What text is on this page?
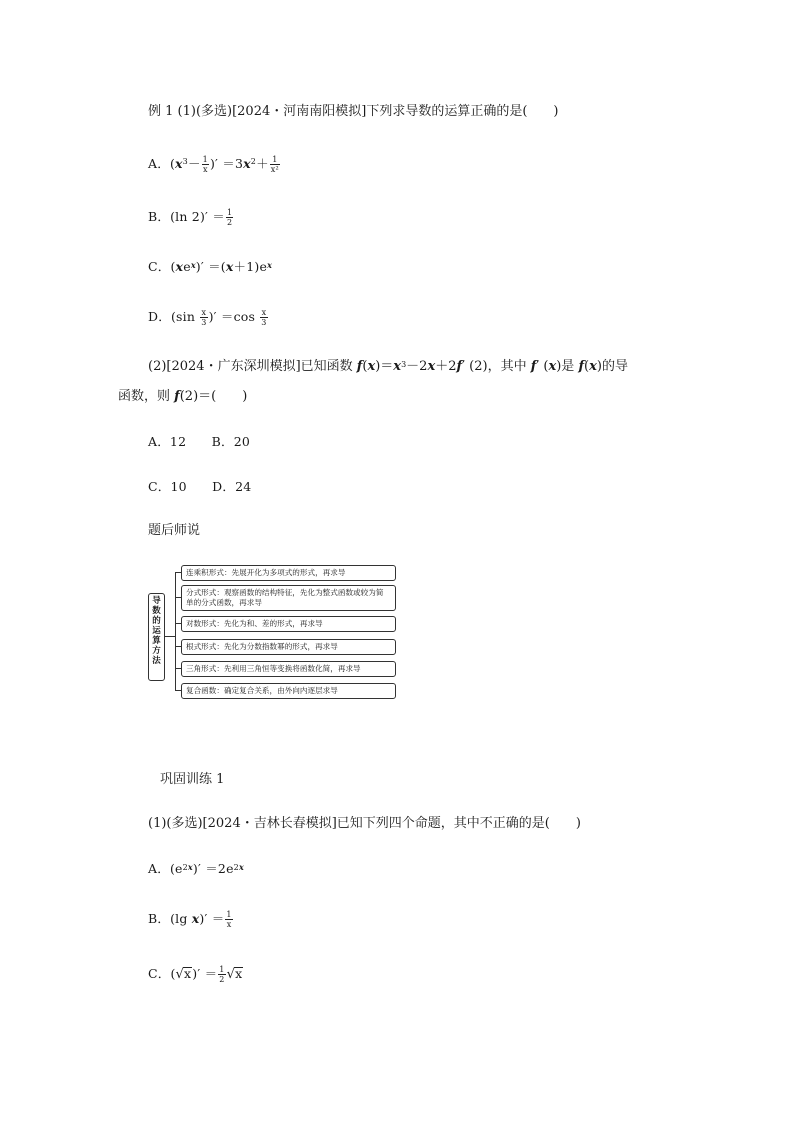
例 1 (1)(多选)[2024・河南南阳模拟]下列求导数的运算正确的是(　　)
A．($x^3- \frac{1}{x}$ )′ $=3x^2+ \frac{1}{\text{x²}}$
B．(ln $2)' = \frac{1}{2}$
C．$(xe^x)' =(x+1)e^x$
D．($\sin \frac{x}{3}$ )′ $=\cos \frac{x}{3}$
(2)[2024・广东深圳模拟]已知函数 $f(x)=x^3-2x+2f'$ (2)，其中 f′ (x)是 f(x)的导
函数，则 f(2)＝(　　)
A．12　　B．20
C．10　　D．24
题后师说
导
数
的
运
算
方
法
连乘积形式：先展开化为多项式的形式，再求导
分式形式：观察函数的结构特征，先化为整式函数或较为简单的分式函数，再求导
对数形式：先化为和、差的形式，再求导
根式形式：先化为分数指数幂的形式，再求导
三角形式：先利用三角恒等变换将函数化简，再求导
复合函数：确定复合关系，由外向内逐层求导
巩固训练 1
(1)(多选)[2024・吉林长春模拟]已知下列四个命题，其中不正确的是(　　)
A．$(e^{2x})' =2e^{2x}$
B．(lg $x)' = \frac{1}{x}$
C．$(√x)' = \frac{1}{2} √x$
